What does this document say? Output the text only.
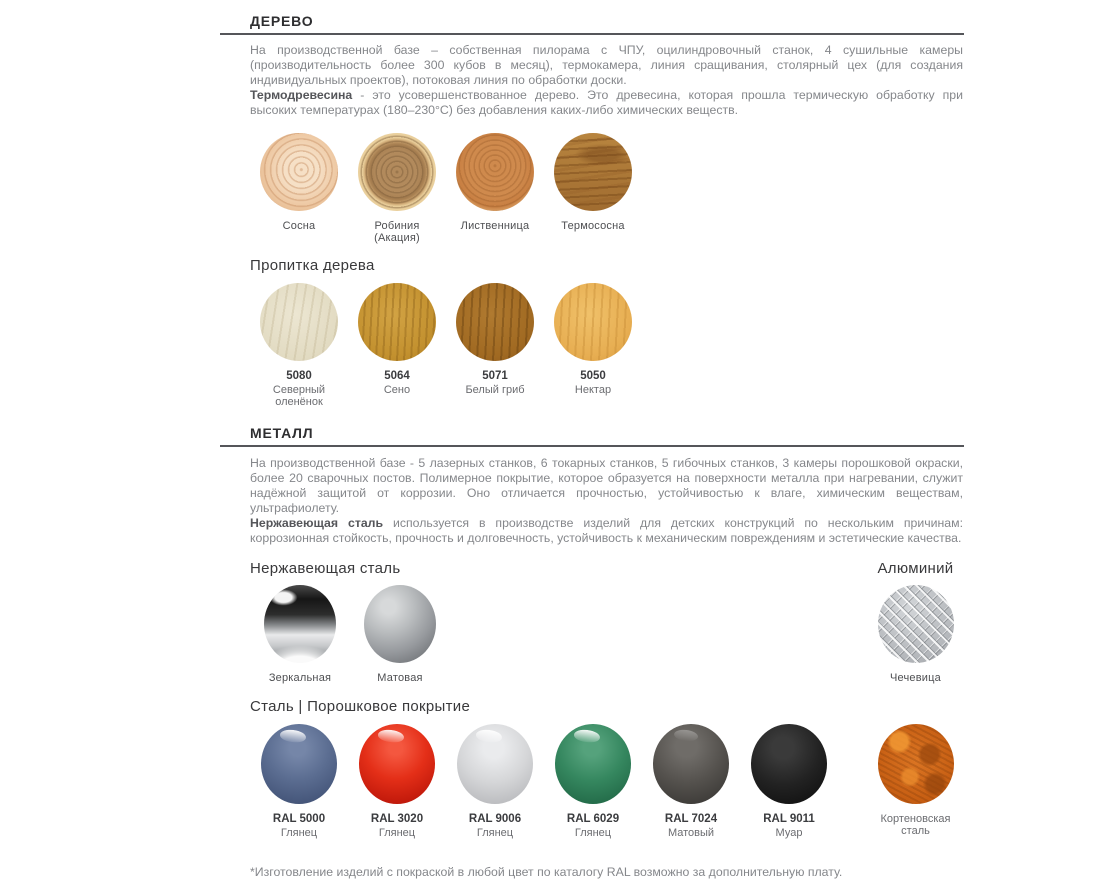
ДЕРЕВО

На производственной базе – собственная пилорама с ЧПУ, оцилиндровочный станок, 4 сушильные камеры (производительность более 300 кубов в месяц), термокамера, линия сращивания, столярный цех (для создания индивидуальных проектов), потоковая линия по обработки доски.

Термодревесина - это усовершенствованное дерево. Это древесина, которая прошла термическую обработку при высоких температурах (180–230°С) без добавления каких-либо химических веществ.

Сосна	Робиния (Акация)
Лиственница	Термососна
Пропитка дерева
5080
Северный оленёнок
5064
Сено
5071
Белый гриб
5050
Нектар
МЕТАЛЛ

На производственной базе - 5 лазерных станков, 6 токарных станков, 5 гибочных станков, 3 камеры порошковой окраски, более 20 сварочных постов. Полимерное покрытие, которое образуется на поверхности металла при нагревании, служит надёжной защитой от коррозии. Оно отличается прочностью, устойчивостью к влаге, химическим веществам, ультрафиолету.

Нержавеющая сталь используется в производстве изделий для детских конструкций по нескольким причинам: коррозионная стойкость, прочность и долговечность, устойчивость к механическим повреждениям и эстетические качества.

Нержавеющая сталь
Зеркальная	Матовая
Алюминий
Чечевица
Сталь | Порошковое покрытие
RAL 5000
Глянец
RAL 3020
Глянец
RAL 9006
Глянец
RAL 6029
Глянец
RAL 7024
Матовый
RAL 9011
Муар
Кортеновская сталь
*Изготовление изделий с покраской в любой цвет по каталогу RAL возможно за дополнительную плату.
